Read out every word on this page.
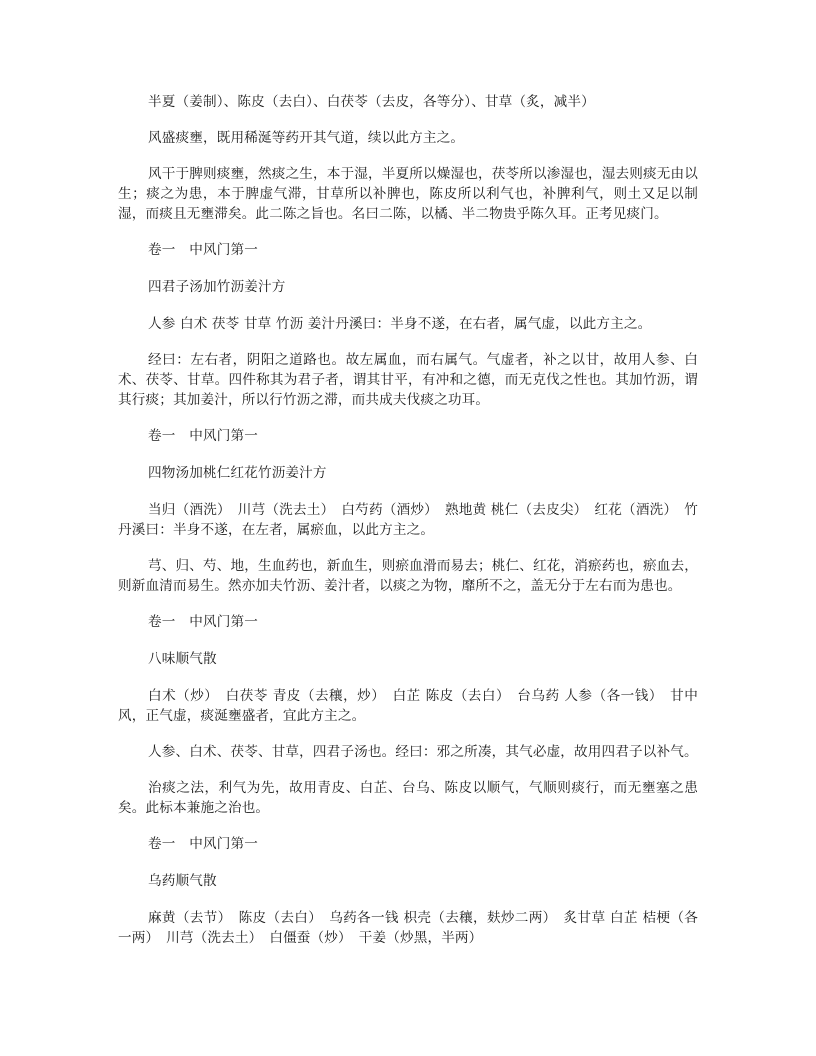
半夏（姜制）、陈皮（去白）、白茯苓（去皮，各等分）、甘草（炙，减半）

风盛痰壅，既用稀涎等药开其气道，续以此方主之。

风干于脾则痰壅，然痰之生，本于湿，半夏所以燥湿也，茯苓所以渗湿也，湿去则痰无由以生；痰之为患，本于脾虚气滞，甘草所以补脾也，陈皮所以利气也，补脾利气，则土又足以制湿，而痰且无壅滞矣。此二陈之旨也。名曰二陈，以橘、半二物贵乎陈久耳。正考见痰门。

卷一　中风门第一

四君子汤加竹沥姜汁方

人参 白术 茯苓 甘草 竹沥 姜汁丹溪曰：半身不遂，在右者，属气虚，以此方主之。

经曰：左右者，阴阳之道路也。故左属血，而右属气。气虚者，补之以甘，故用人参、白术、茯苓、甘草。四件称其为君子者，谓其甘平，有冲和之德，而无克伐之性也。其加竹沥，谓其行痰；其加姜汁，所以行竹沥之滞，而共成夫伐痰之功耳。

卷一　中风门第一

四物汤加桃仁红花竹沥姜汁方

当归（酒洗）　川芎（洗去土）　白芍药（酒炒）　熟地黄 桃仁（去皮尖）　红花（酒洗）　竹　丹溪曰：半身不遂，在左者，属瘀血，以此方主之。

芎、归、芍、地，生血药也，新血生，则瘀血滑而易去；桃仁、红花，消瘀药也，瘀血去，则新血清而易生。然亦加夫竹沥、姜汁者，以痰之为物，靡所不之，盖无分于左右而为患也。

卷一　中风门第一

八味顺气散

白术（炒）　白茯苓 青皮（去穰，炒）　白芷 陈皮（去白）　台乌药 人参（各一钱）　甘中风，正气虚，痰涎壅盛者，宜此方主之。

人参、白术、茯苓、甘草，四君子汤也。经曰：邪之所凑，其气必虚，故用四君子以补气。

治痰之法，利气为先，故用青皮、白芷、台乌、陈皮以顺气，气顺则痰行，而无壅塞之患矣。此标本兼施之治也。

卷一　中风门第一

乌药顺气散

麻黄（去节）　陈皮（去白）　乌药各一钱 枳壳（去穰，麸炒二两）　炙甘草 白芷 桔梗（各一两）　川芎（洗去土）　白僵蚕（炒）　干姜（炒黑，半两）
